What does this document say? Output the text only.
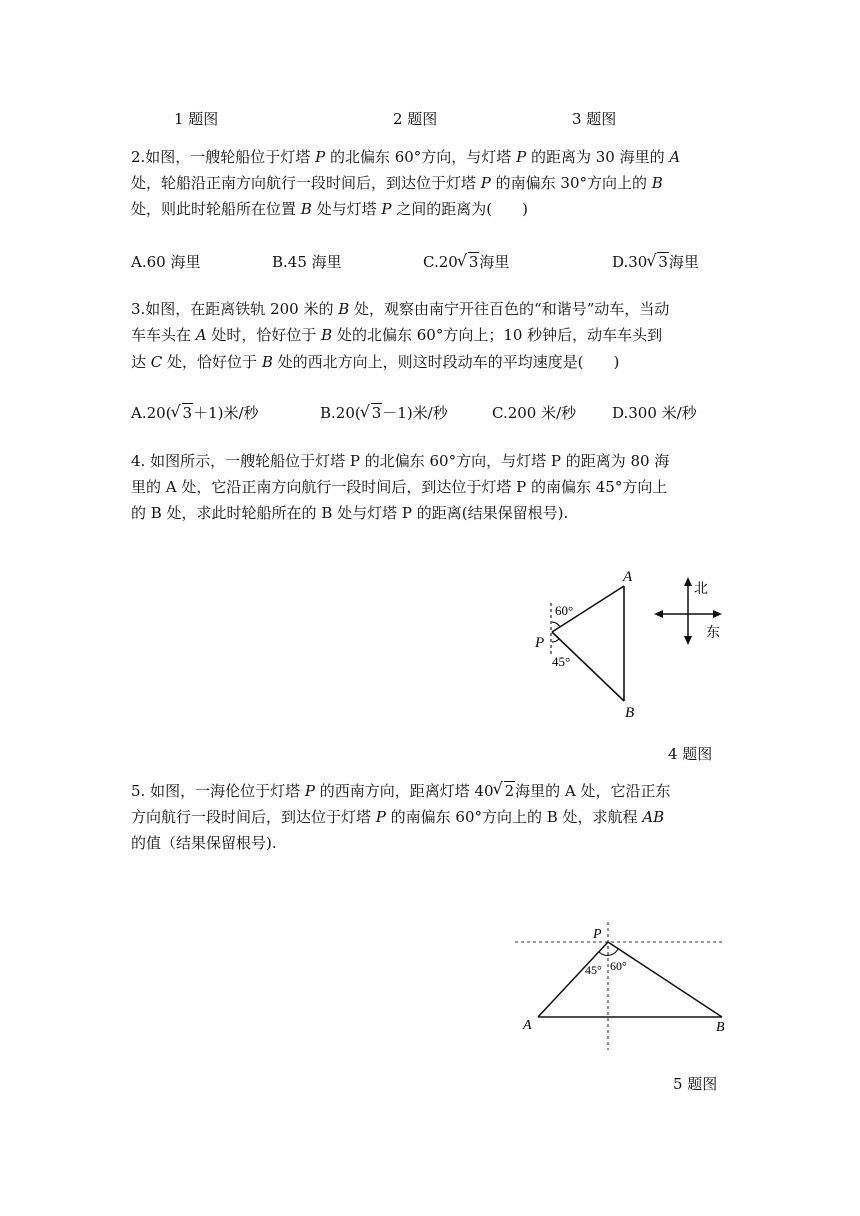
1 题图	2 题图	3 题图
2.如图，一艘轮船位于灯塔 P 的北偏东 60°方向，与灯塔 P 的距离为 30 海里的 A
处，轮船沿正南方向航行一段时间后，到达位于灯塔 P 的南偏东 30°方向上的 B
处，则此时轮船所在位置 B 处与灯塔 P 之间的距离为(　　)
A.60 海里	B.45 海里	C.20 √ 3海里	D.30 √ 3海里
3.如图，在距离铁轨 200 米的 B 处，观察由南宁开往百色的“和谐号”动车，当动
车车头在 A 处时，恰好位于 B 处的北偏东 60°方向上；10 秒钟后，动车车头到
达 C 处，恰好位于 B 处的西北方向上，则这时段动车的平均速度是(　　)
A.20( √ 3＋1)米/秒	B.20( √ 3－1)米/秒	C.200 米/秒 D.300 米/秒
4. 如图所示，一艘轮船位于灯塔 P 的北偏东 60°方向，与灯塔 P 的距离为 80 海
里的 A 处，它沿正南方向航行一段时间后，到达位于灯塔 P 的南偏东 45°方向上
的 B 处，求此时轮船所在的 B 处与灯塔 P 的距离(结果保留根号).
A
B
P
60°
45°
北
东
4 题图
5. 如图，一海伦位于灯塔 P 的西南方向，距离灯塔 40 √ 2海里的 A 处，它沿正东
方向航行一段时间后，到达位于灯塔 P 的南偏东 60°方向上的 B 处，求航程 AB
的值（结果保留根号).
P
A	B
45° 60°
5 题图
